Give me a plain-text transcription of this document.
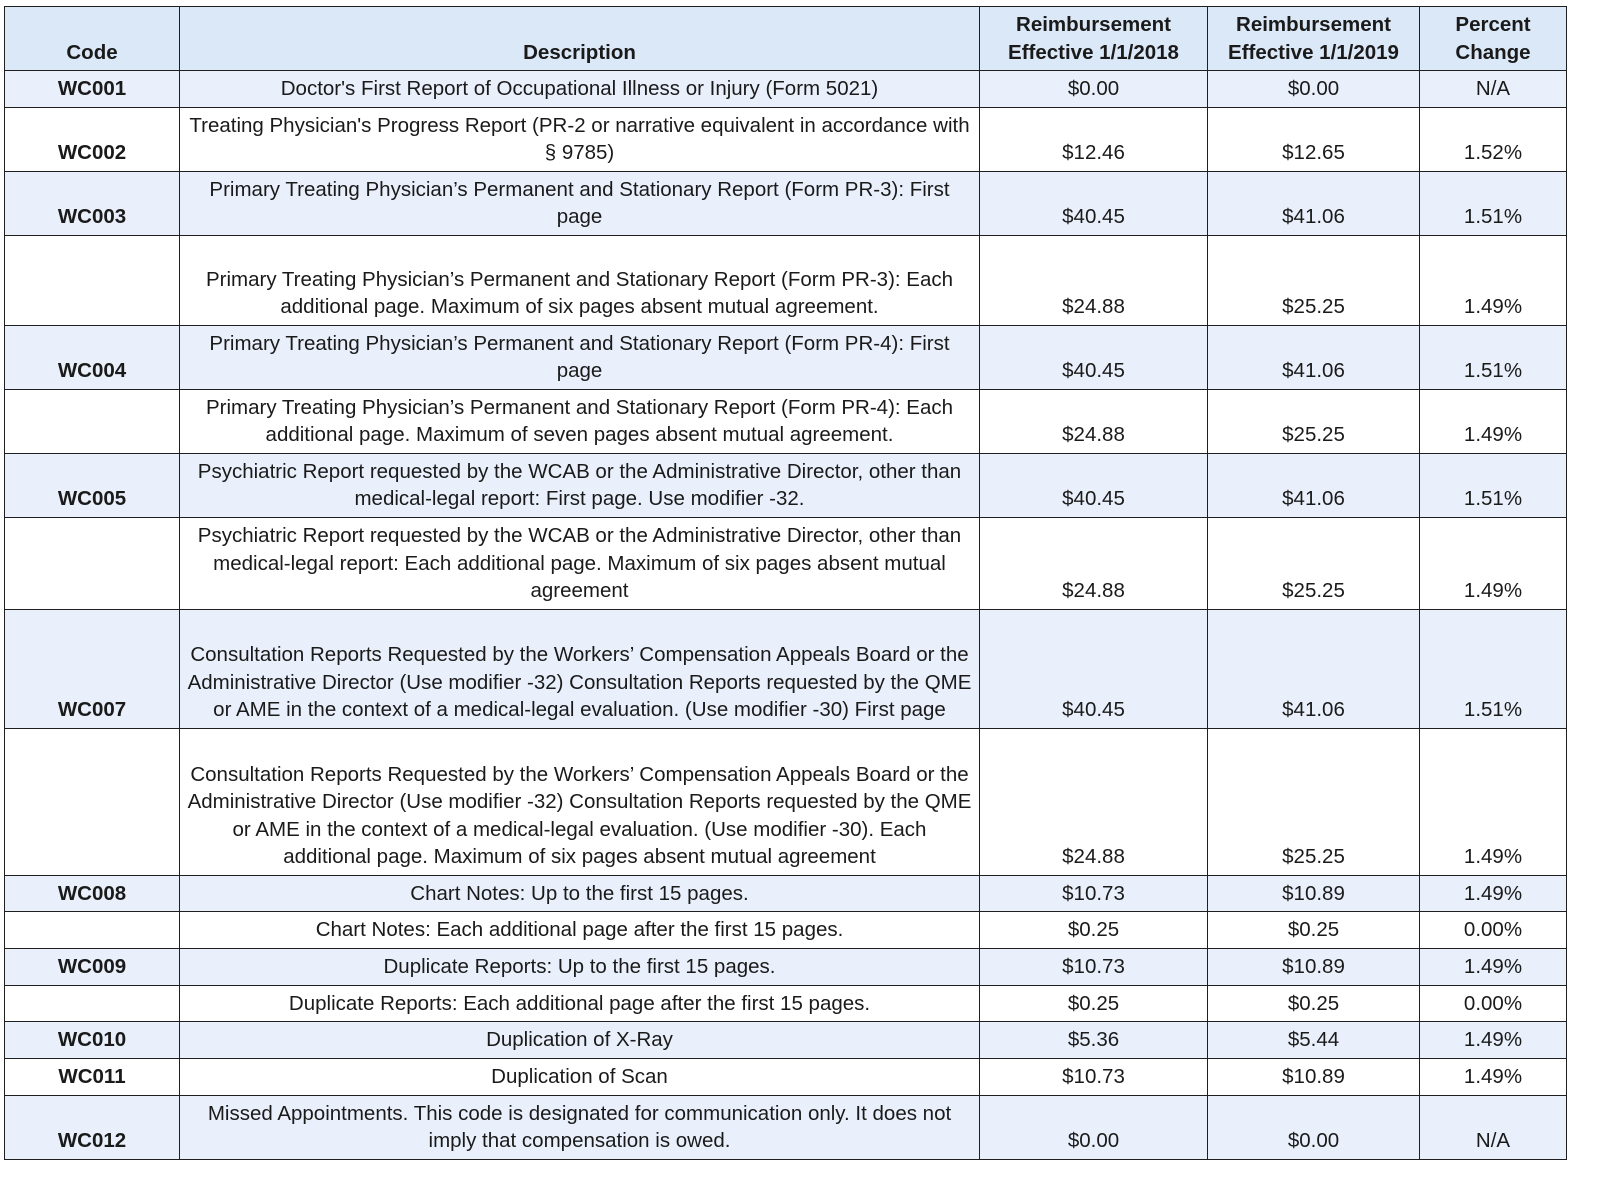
Code	Description	Reimbursement Effective 1/1/2018	Reimbursement Effective 1/1/2019	Percent Change
WC001	Doctor's First Report of Occupational Illness or Injury (Form 5021)	$0.00	$0.00	N/A
WC002	Treating Physician's Progress Report (PR-2 or narrative equivalent in accordance with § 9785)	$12.46	$12.65	1.52%
WC003	Primary Treating Physician’s Permanent and Stationary Report (Form PR-3): First page	$40.45	$41.06	1.51%
	Primary Treating Physician’s Permanent and Stationary Report (Form PR-3): Each additional page. Maximum of six pages absent mutual agreement.	$24.88	$25.25	1.49%
WC004	Primary Treating Physician’s Permanent and Stationary Report (Form PR-4): First page	$40.45	$41.06	1.51%
	Primary Treating Physician’s Permanent and Stationary Report (Form PR-4): Each additional page. Maximum of seven pages absent mutual agreement.	$24.88	$25.25	1.49%
WC005	Psychiatric Report requested by the WCAB or the Administrative Director, other than medical-legal report: First page. Use modifier -32.	$40.45	$41.06	1.51%
	Psychiatric Report requested by the WCAB or the Administrative Director, other than medical-legal report: Each additional page. Maximum of six pages absent mutual agreement	$24.88	$25.25	1.49%
WC007	Consultation Reports Requested by the Workers’ Compensation Appeals Board or the Administrative Director (Use modifier -32) Consultation Reports requested by the QME or AME in the context of a medical-legal evaluation. (Use modifier -30) First page	$40.45	$41.06	1.51%
	Consultation Reports Requested by the Workers’ Compensation Appeals Board or the Administrative Director (Use modifier -32) Consultation Reports requested by the QME or AME in the context of a medical-legal evaluation. (Use modifier -30). Each additional page. Maximum of six pages absent mutual agreement	$24.88	$25.25	1.49%
WC008	Chart Notes: Up to the first 15 pages.	$10.73	$10.89	1.49%
	Chart Notes: Each additional page after the first 15 pages.	$0.25	$0.25	0.00%
WC009	Duplicate Reports: Up to the first 15 pages.	$10.73	$10.89	1.49%
	Duplicate Reports: Each additional page after the first 15 pages.	$0.25	$0.25	0.00%
WC010	Duplication of X-Ray	$5.36	$5.44	1.49%
WC011	Duplication of Scan	$10.73	$10.89	1.49%
WC012	Missed Appointments. This code is designated for communication only. It does not imply that compensation is owed.	$0.00	$0.00	N/A
